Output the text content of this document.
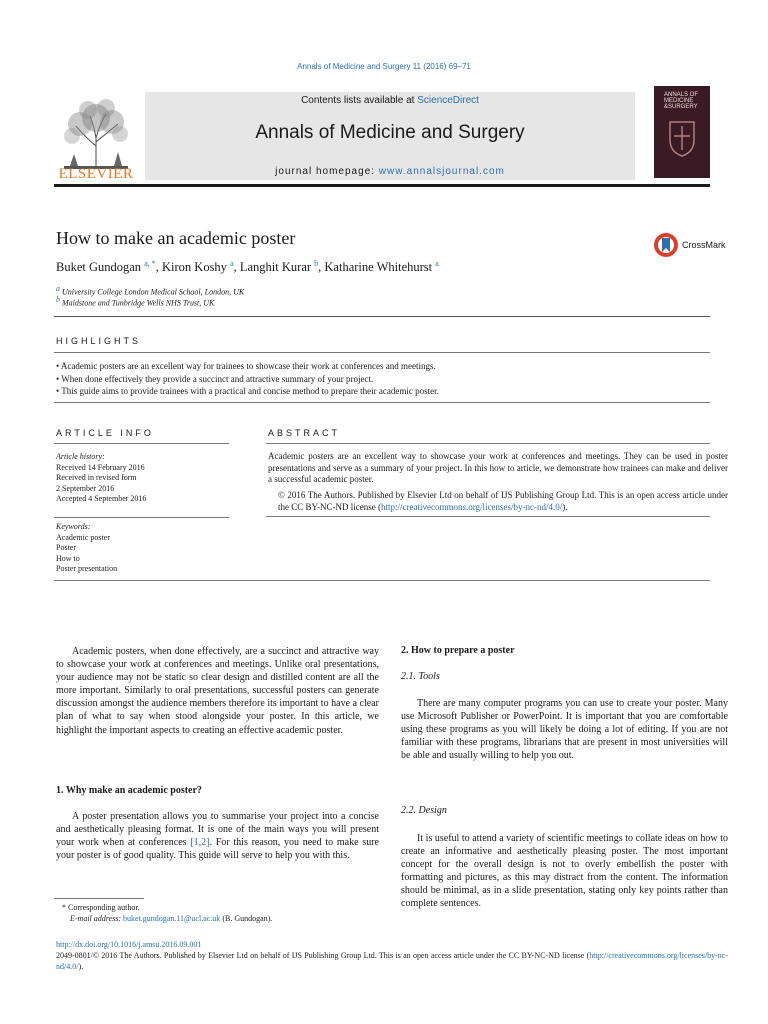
Annals of Medicine and Surgery 11 (2016) 69–71
ELSEVIER
Contents lists available at ScienceDirect
Annals of Medicine and Surgery
journal homepage: www.annalsjournal.com
ANNALS OF
MEDICINE
&SURGERY
How to make an academic poster
Buket Gundogan $^{a, *}$, Kiron Koshy $^a$, Langhit Kurar $^b$, Katharine Whitehurst $^a$
$^a$ University College London Medical School, London, UK
$^b$ Maidstone and Tunbridge Wells NHS Trust, UK
CrossMark
HIGHLIGHTS
• Academic posters are an excellent way for trainees to showcase their work at conferences and meetings.
• When done effectively they provide a succinct and attractive summary of your project.
• This guide aims to provide trainees with a practical and concise method to prepare their academic poster.
ARTICLE INFO
Article history:
Received 14 February 2016
Received in revised form
2 September 2016
Accepted 4 September 2016
Keywords:
Academic poster
Poster
How to
Poster presentation
ABSTRACT
Academic posters are an excellent way to showcase your work at conferences and meetings. They can be used in poster presentations and serve as a summary of your project. In this how to article, we demonstrate how trainees can make and deliver a successful academic poster.
© 2016 The Authors. Published by Elsevier Ltd on behalf of IJS Publishing Group Ltd. This is an open access article under the CC BY-NC-ND license (http://creativecommons.org/licenses/by-nc-nd/4.0/).
Academic posters, when done effectively, are a succinct and attractive way to showcase your work at conferences and meetings. Unlike oral presentations, your audience may not be static so clear design and distilled content are all the more important. Similarly to oral presentations, successful posters can generate discussion amongst the audience members therefore its important to have a clear plan of what to say when stood alongside your poster. In this article, we highlight the important aspects to creating an effective academic poster.
1. Why make an academic poster?
A poster presentation allows you to summarise your project into a concise and aesthetically pleasing format. It is one of the main ways you will present your work when at conferences [1,2]. For this reason, you need to make sure your poster is of good quality. This guide will serve to help you with this.
2. How to prepare a poster
2.1. Tools
There are many computer programs you can use to create your poster. Many use Microsoft Publisher or PowerPoint. It is important that you are comfortable using these programs as you will likely be doing a lot of editing. If you are not familiar with these programs, librarians that are present in most universities will be able and usually willing to help you out.
2.2. Design
It is useful to attend a variety of scientific meetings to collate ideas on how to create an informative and aesthetically pleasing poster. The most important concept for the overall design is not to overly embellish the poster with formatting and pictures, as this may distract from the content. The information should be minimal, as in a slide presentation, stating only key points rather than complete sentences.
* Corresponding author.
E-mail address: buket.gundogan.11@ucl.ac.uk (B. Gundogan).
http://dx.doi.org/10.1016/j.amsu.2016.09.001
2049-0801/© 2016 The Authors. Published by Elsevier Ltd on behalf of IJS Publishing Group Ltd. This is an open access article under the CC BY-NC-ND license (http://creativecommons.org/licenses/by-nc-nd/4.0/).
